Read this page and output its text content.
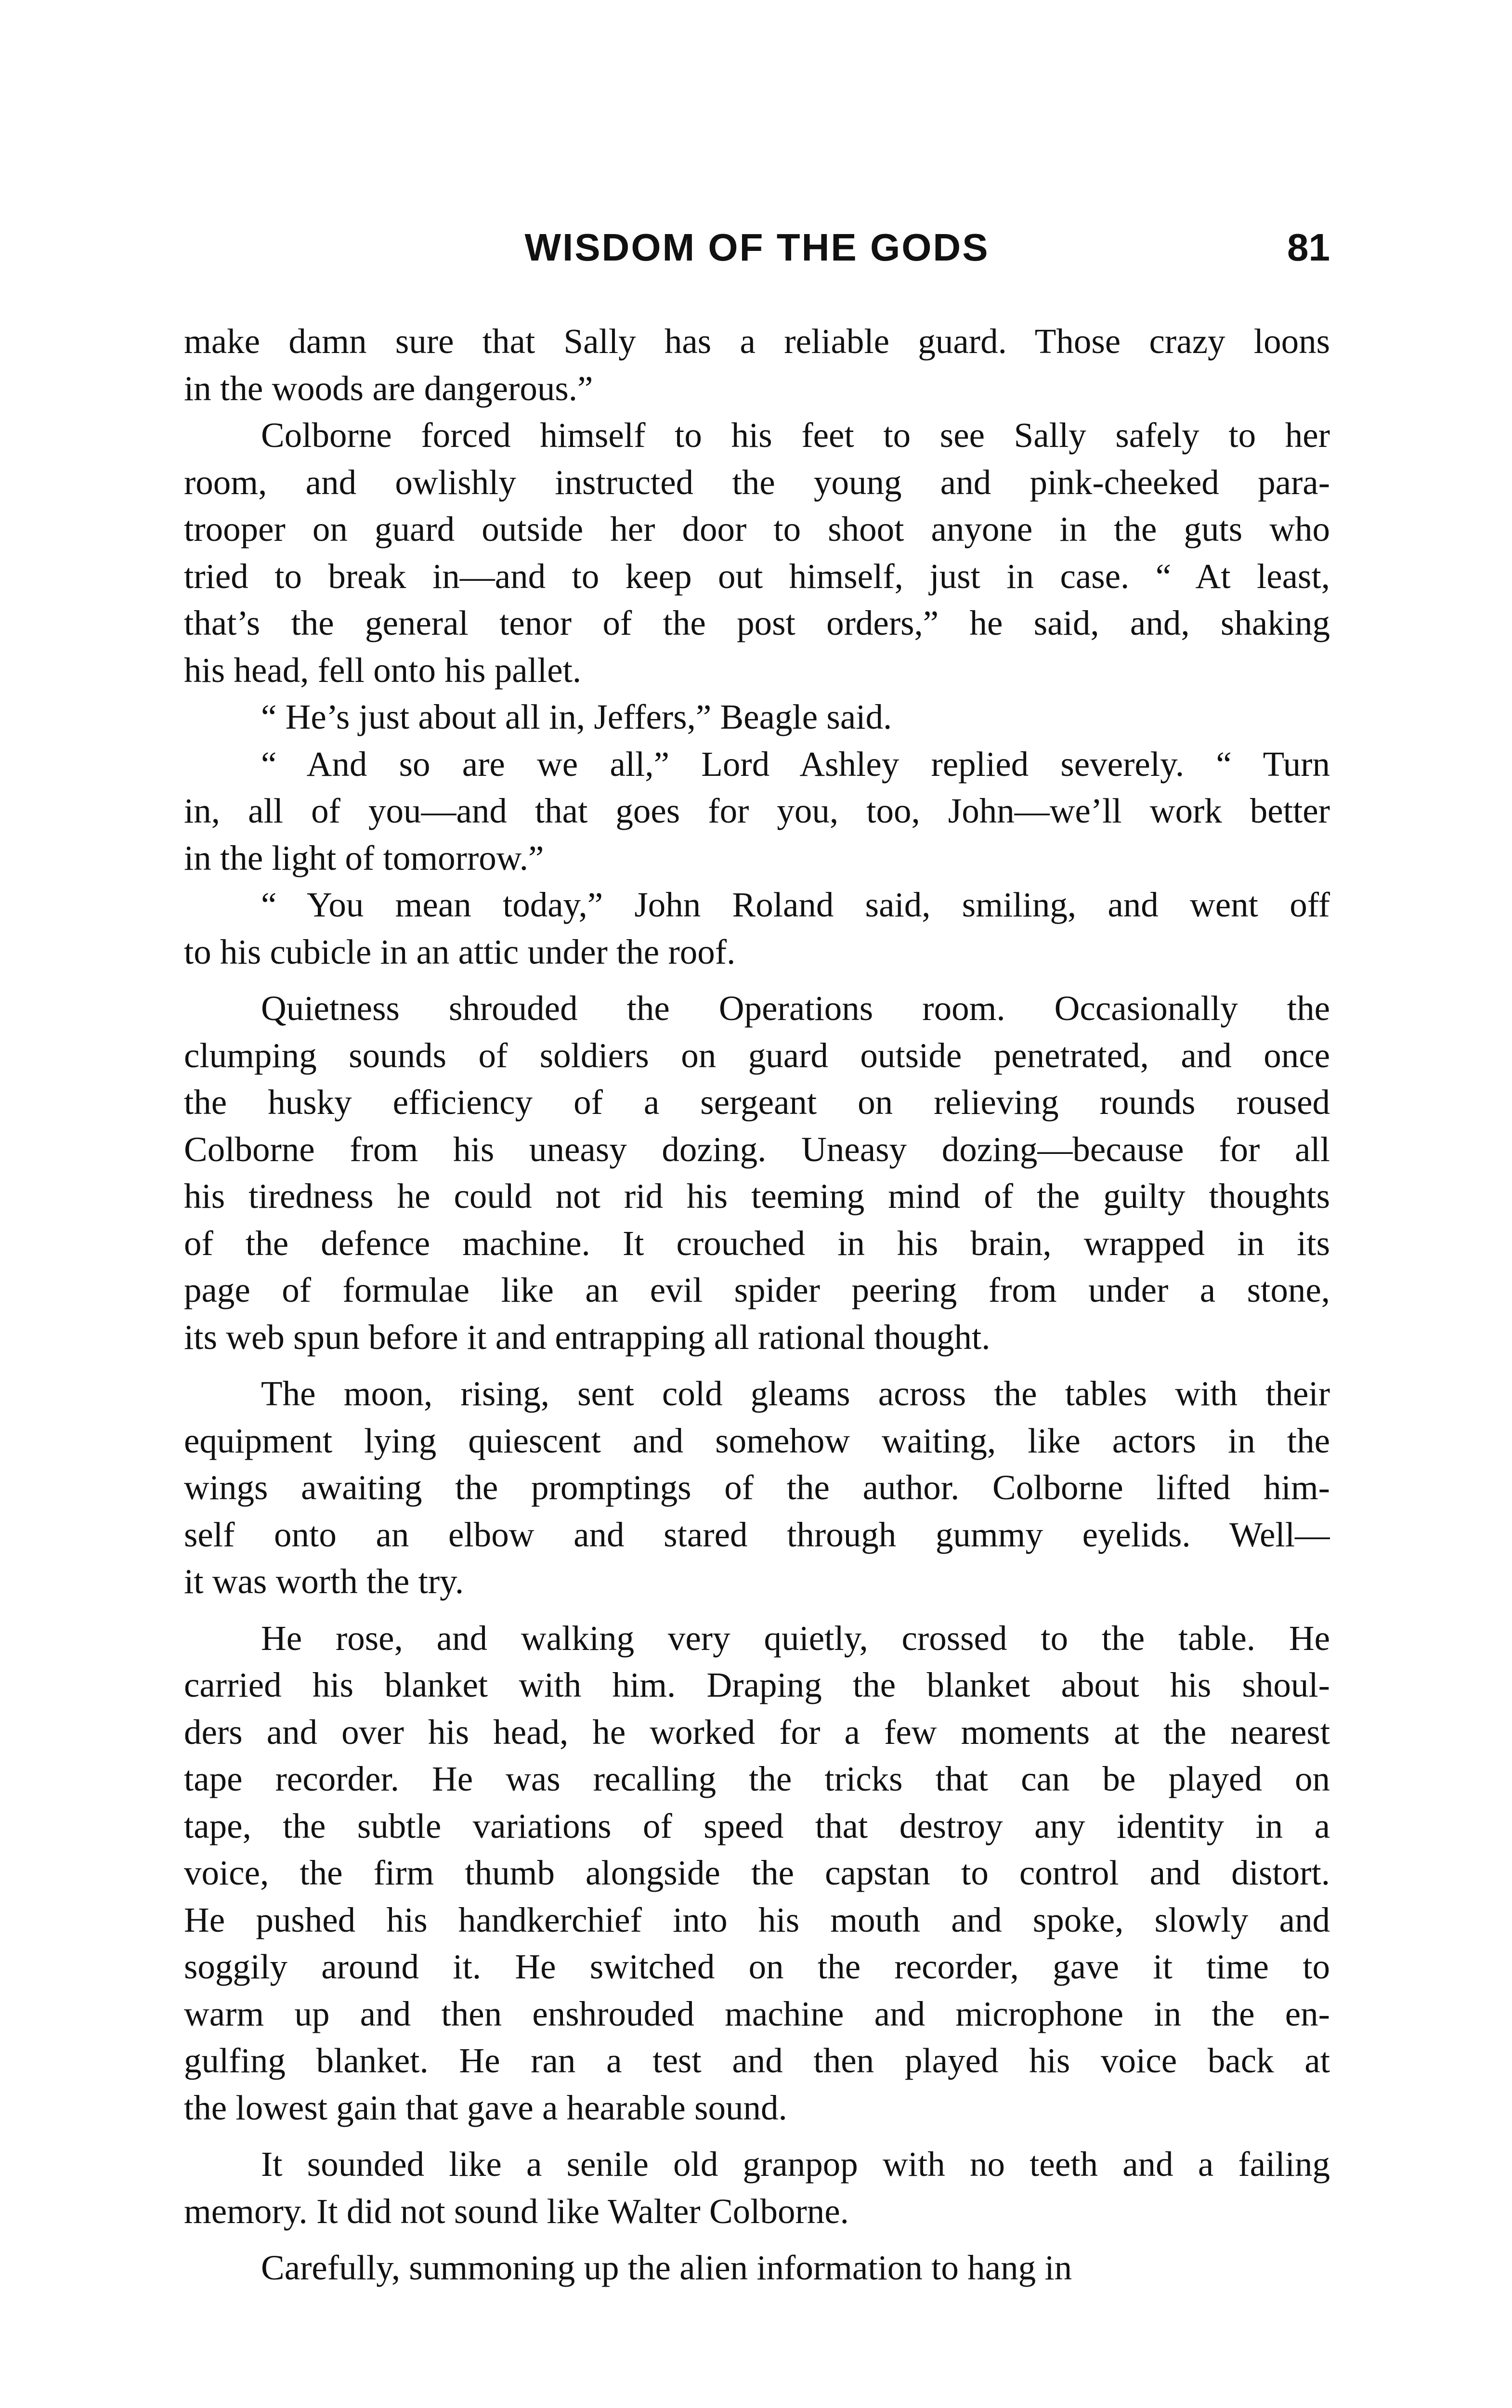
WISDOM OF THE GODS	81
make damn sure that Sally has a reliable guard. Those crazy loons
in the woods are dangerous.”
Colborne forced himself to his feet to see Sally safely to her
room, and owlishly instructed the young and pink-cheeked para-
trooper on guard outside her door to shoot anyone in the guts who
tried to break in—and to keep out himself, just in case. “ At least,
that’s the general tenor of the post orders,” he said, and, shaking
his head, fell onto his pallet.
“ He’s just about all in, Jeffers,” Beagle said.
“ And so are we all,” Lord Ashley replied severely. “ Turn
in, all of you—and that goes for you, too, John—we’ll work better
in the light of tomorrow.”
“ You mean today,” John Roland said, smiling, and went off
to his cubicle in an attic under the roof.
Quietness shrouded the Operations room. Occasionally the
clumping sounds of soldiers on guard outside penetrated, and once
the husky efficiency of a sergeant on relieving rounds roused
Colborne from his uneasy dozing. Uneasy dozing—because for all
his tiredness he could not rid his teeming mind of the guilty thoughts
of the defence machine. It crouched in his brain, wrapped in its
page of formulae like an evil spider peering from under a stone,
its web spun before it and entrapping all rational thought.
The moon, rising, sent cold gleams across the tables with their
equipment lying quiescent and somehow waiting, like actors in the
wings awaiting the promptings of the author. Colborne lifted him-
self onto an elbow and stared through gummy eyelids. Well—
it was worth the try.
He rose, and walking very quietly, crossed to the table. He
carried his blanket with him. Draping the blanket about his shoul-
ders and over his head, he worked for a few moments at the nearest
tape recorder. He was recalling the tricks that can be played on
tape, the subtle variations of speed that destroy any identity in a
voice, the firm thumb alongside the capstan to control and distort.
He pushed his handkerchief into his mouth and spoke, slowly and
soggily around it. He switched on the recorder, gave it time to
warm up and then enshrouded machine and microphone in the en-
gulfing blanket. He ran a test and then played his voice back at
the lowest gain that gave a hearable sound.
It sounded like a senile old granpop with no teeth and a failing
memory. It did not sound like Walter Colborne.
Carefully, summoning up the alien information to hang in
